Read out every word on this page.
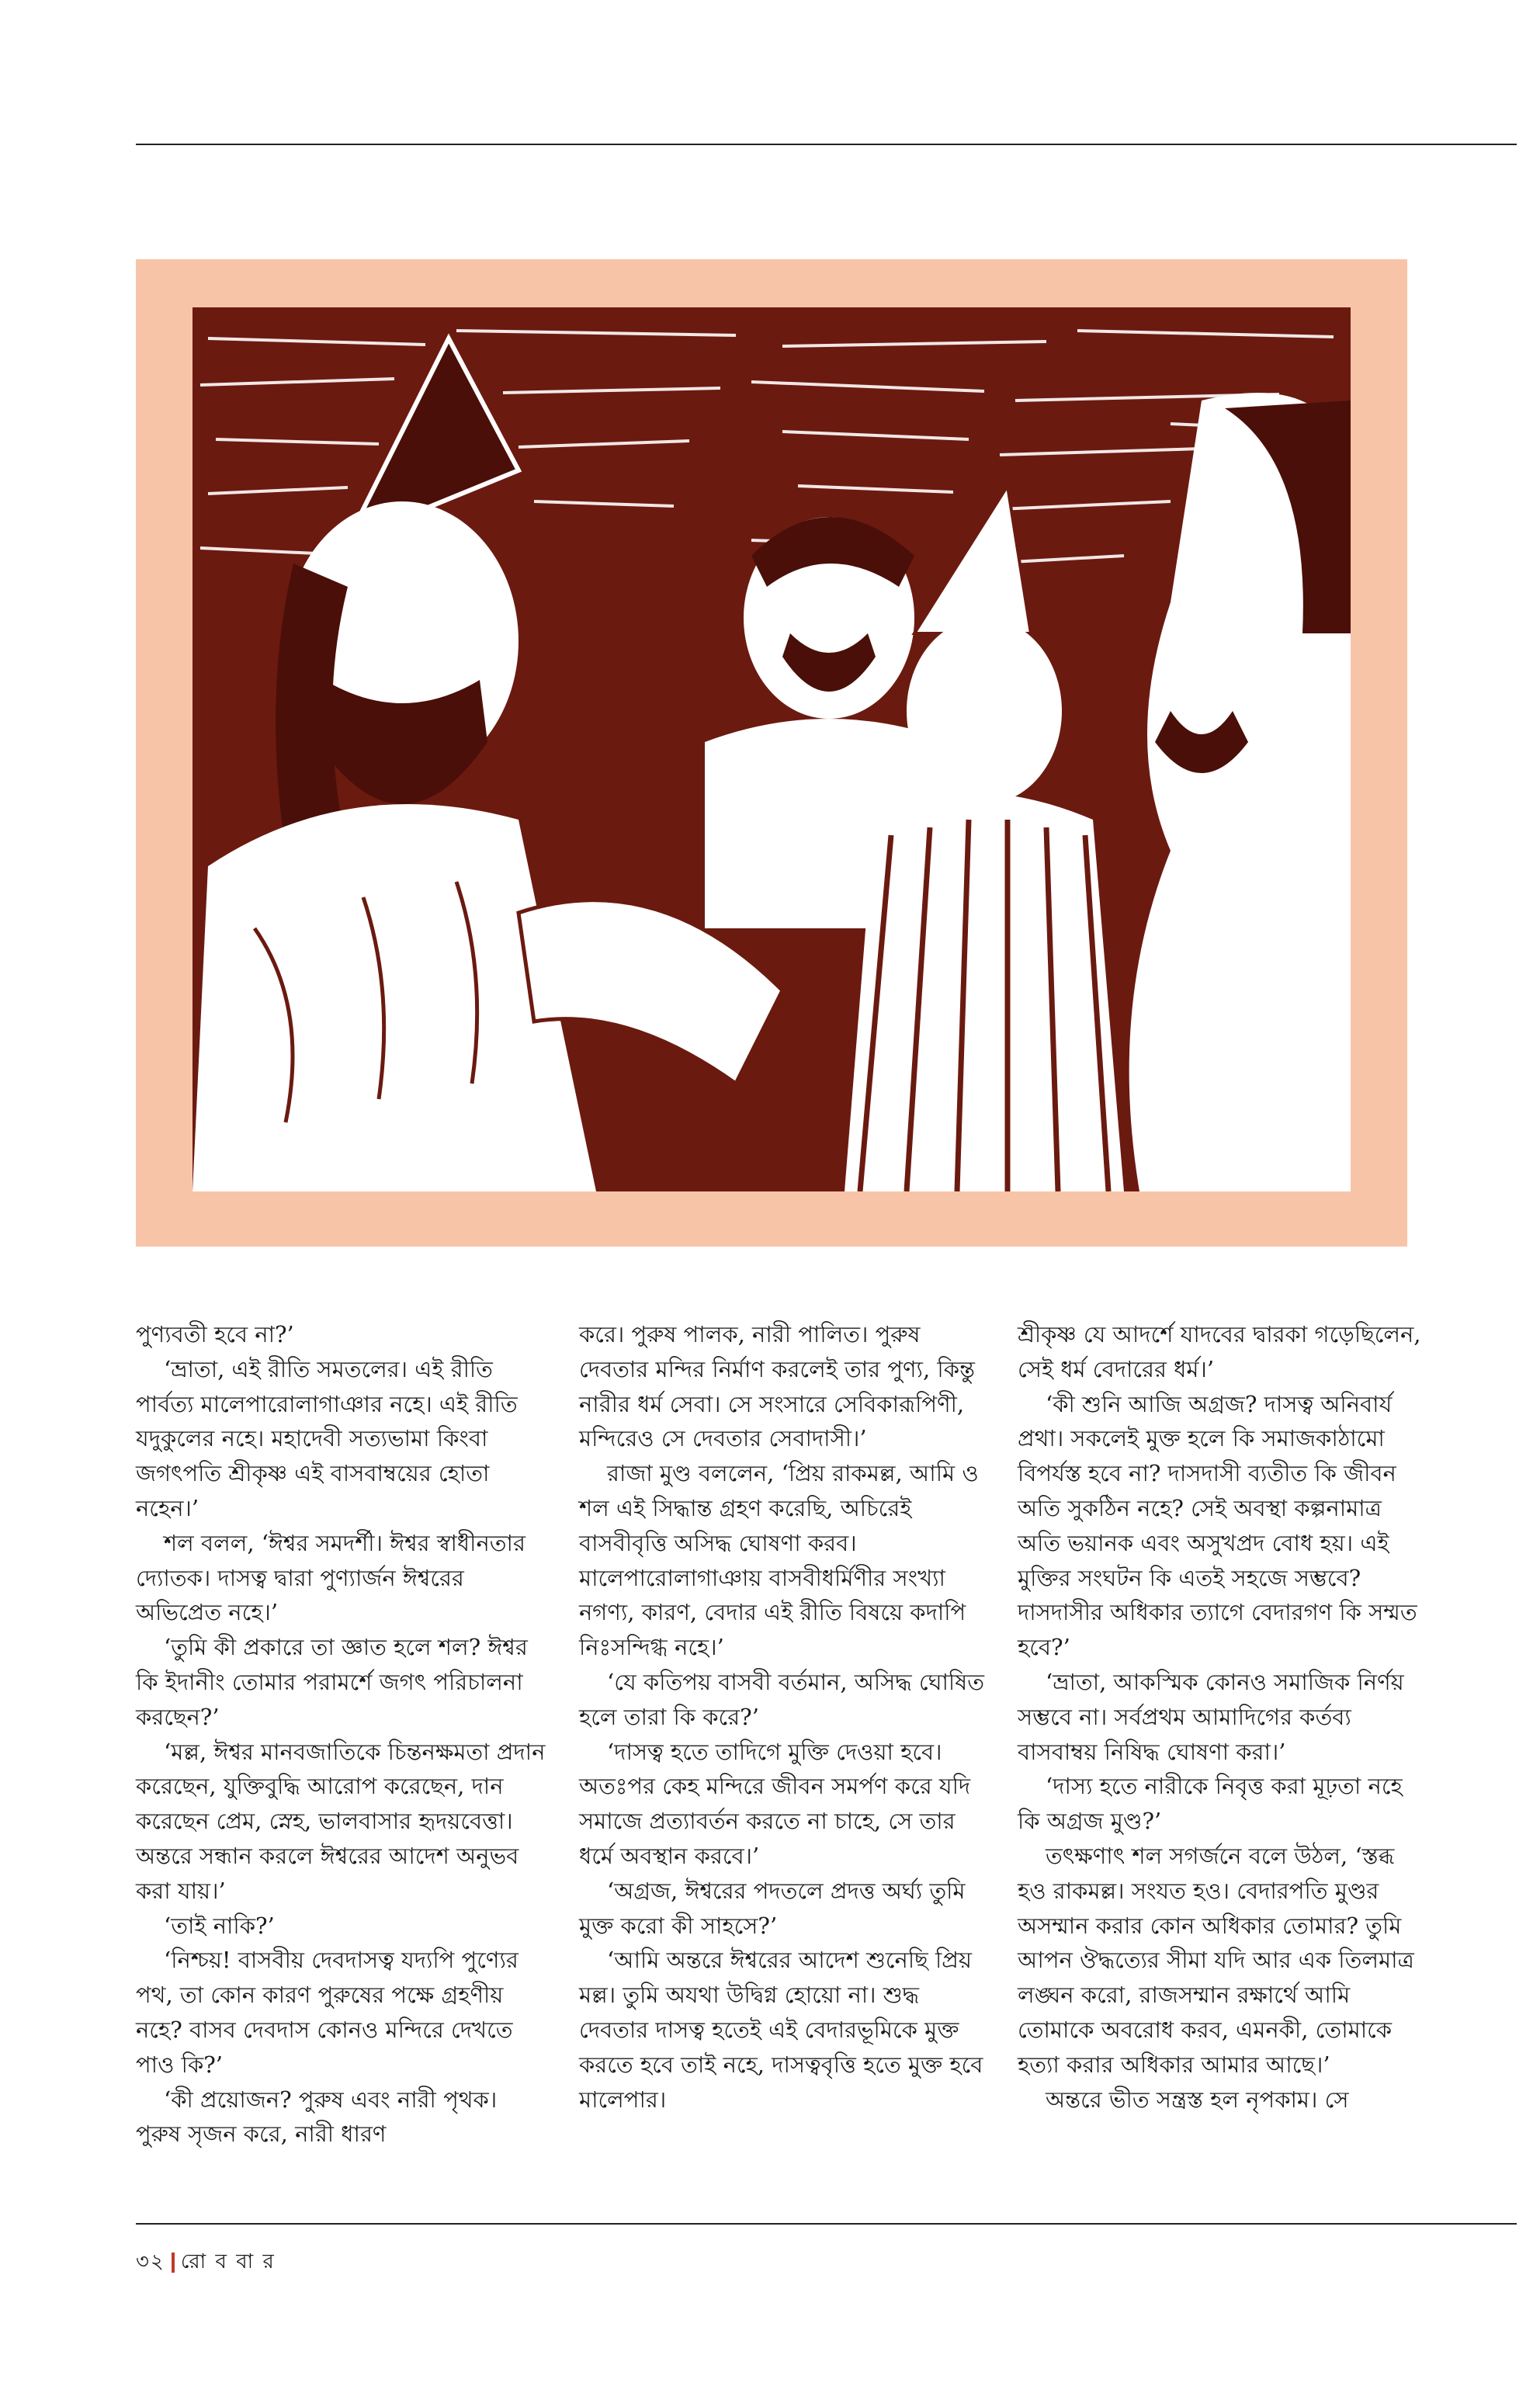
পুণ্যবতী হবে না?’

‘ভ্রাতা, এই রীতি সমতলের। এই রীতি পার্বত্য মালেপারোলাগাঞার নহে। এই রীতি যদুকুলের নহে। মহাদেবী সত্যভামা কিংবা জগৎপতি শ্রীকৃষ্ণ এই বাসবাম্বয়ের হোতা নহেন।’

শল বলল, ‘ঈশ্বর সমদর্শী। ঈশ্বর স্বাধীনতার দ্যোতক। দাসত্ব দ্বারা পুণ্যার্জন ঈশ্বরের অভিপ্রেত নহে।’

‘তুমি কী প্রকারে তা জ্ঞাত হলে শল? ঈশ্বর কি ইদানীং তোমার পরামর্শে জগৎ পরিচালনা করছেন?’

‘মল্ল, ঈশ্বর মানবজাতিকে চিন্তনক্ষমতা প্রদান করেছেন, যুক্তিবুদ্ধি আরোপ করেছেন, দান করেছেন প্রেম, স্নেহ, ভালবাসার হৃদয়বেত্তা। অন্তরে সন্ধান করলে ঈশ্বরের আদেশ অনুভব করা যায়।’

‘তাই নাকি?’

‘নিশ্চয়! বাসবীয় দেবদাসত্ব যদ্যপি পুণ্যের পথ, তা কোন কারণ পুরুষের পক্ষে গ্রহণীয় নহে? বাসব দেবদাস কোনও মন্দিরে দেখতে পাও কি?’

‘কী প্রয়োজন? পুরুষ এবং নারী পৃথক। পুরুষ সৃজন করে, নারী ধারণ

করে। পুরুষ পালক, নারী পালিত। পুরুষ দেবতার মন্দির নির্মাণ করলেই তার পুণ্য, কিন্তু নারীর ধর্ম সেবা। সে সংসারে সেবিকারূপিণী, মন্দিরেও সে দেবতার সেবাদাসী।’

রাজা মুণ্ড বললেন, ‘প্রিয় রাকমল্ল, আমি ও শল এই সিদ্ধান্ত গ্রহণ করেছি, অচিরেই বাসবীবৃত্তি অসিদ্ধ ঘোষণা করব। মালেপারোলাগাঞায় বাসবীধর্মিণীর সংখ্যা নগণ্য, কারণ, বেদার এই রীতি বিষয়ে কদাপি নিঃসন্দিগ্ধ নহে।’

‘যে কতিপয় বাসবী বর্তমান, অসিদ্ধ ঘোষিত হলে তারা কি করে?’

‘দাসত্ব হতে তাদিগে মুক্তি দেওয়া হবে। অতঃপর কেহ মন্দিরে জীবন সমর্পণ করে যদি সমাজে প্রত্যাবর্তন করতে না চাহে, সে তার ধর্মে অবস্থান করবে।’

‘অগ্রজ, ঈশ্বরের পদতলে প্রদত্ত অর্ঘ্য তুমি মুক্ত করো কী সাহসে?’

‘আমি অন্তরে ঈশ্বরের আদেশ শুনেছি প্রিয় মল্ল। তুমি অযথা উদ্বিগ্ন হোয়ো না। শুদ্ধ দেবতার দাসত্ব হতেই এই বেদারভূমিকে মুক্ত করতে হবে তাই নহে, দাসত্ববৃত্তি হতে মুক্ত হবে মালেপার।

শ্রীকৃষ্ণ যে আদর্শে যাদবের দ্বারকা গড়েছিলেন, সেই ধর্ম বেদারের ধর্ম।’

‘কী শুনি আজি অগ্রজ? দাসত্ব অনিবার্য প্রথা। সকলেই মুক্ত হলে কি সমাজকাঠামো বিপর্যস্ত হবে না? দাসদাসী ব্যতীত কি জীবন অতি সুকঠিন নহে? সেই অবস্থা কল্পনামাত্র অতি ভয়ানক এবং অসুখপ্রদ বোধ হয়। এই মুক্তির সংঘটন কি এতই সহজে সম্ভবে? দাসদাসীর অধিকার ত্যাগে বেদারগণ কি সম্মত হবে?’

‘ভ্রাতা, আকস্মিক কোনও সমাজিক নির্ণয় সম্ভবে না। সর্বপ্রথম আমাদিগের কর্তব্য বাসবাম্বয় নিষিদ্ধ ঘোষণা করা।’

‘দাস্য হতে নারীকে নিবৃত্ত করা মূঢ়তা নহে কি অগ্রজ মুণ্ড?’

তৎক্ষণাৎ শল সগর্জনে বলে উঠল, ‘স্তব্ধ হও রাকমল্ল। সংযত হও। বেদারপতি মুণ্ডর অসম্মান করার কোন অধিকার তোমার? তুমি আপন ঔদ্ধত্যের সীমা যদি আর এক তিলমাত্র লঙ্ঘন করো, রাজসম্মান রক্ষার্থে আমি তোমাকে অবরোধ করব, এমনকী, তোমাকে হত্যা করার অধিকার আমার আছে।’

অন্তরে ভীত সন্ত্রস্ত হল নৃপকাম। সে

৩২ রো ব বা র
